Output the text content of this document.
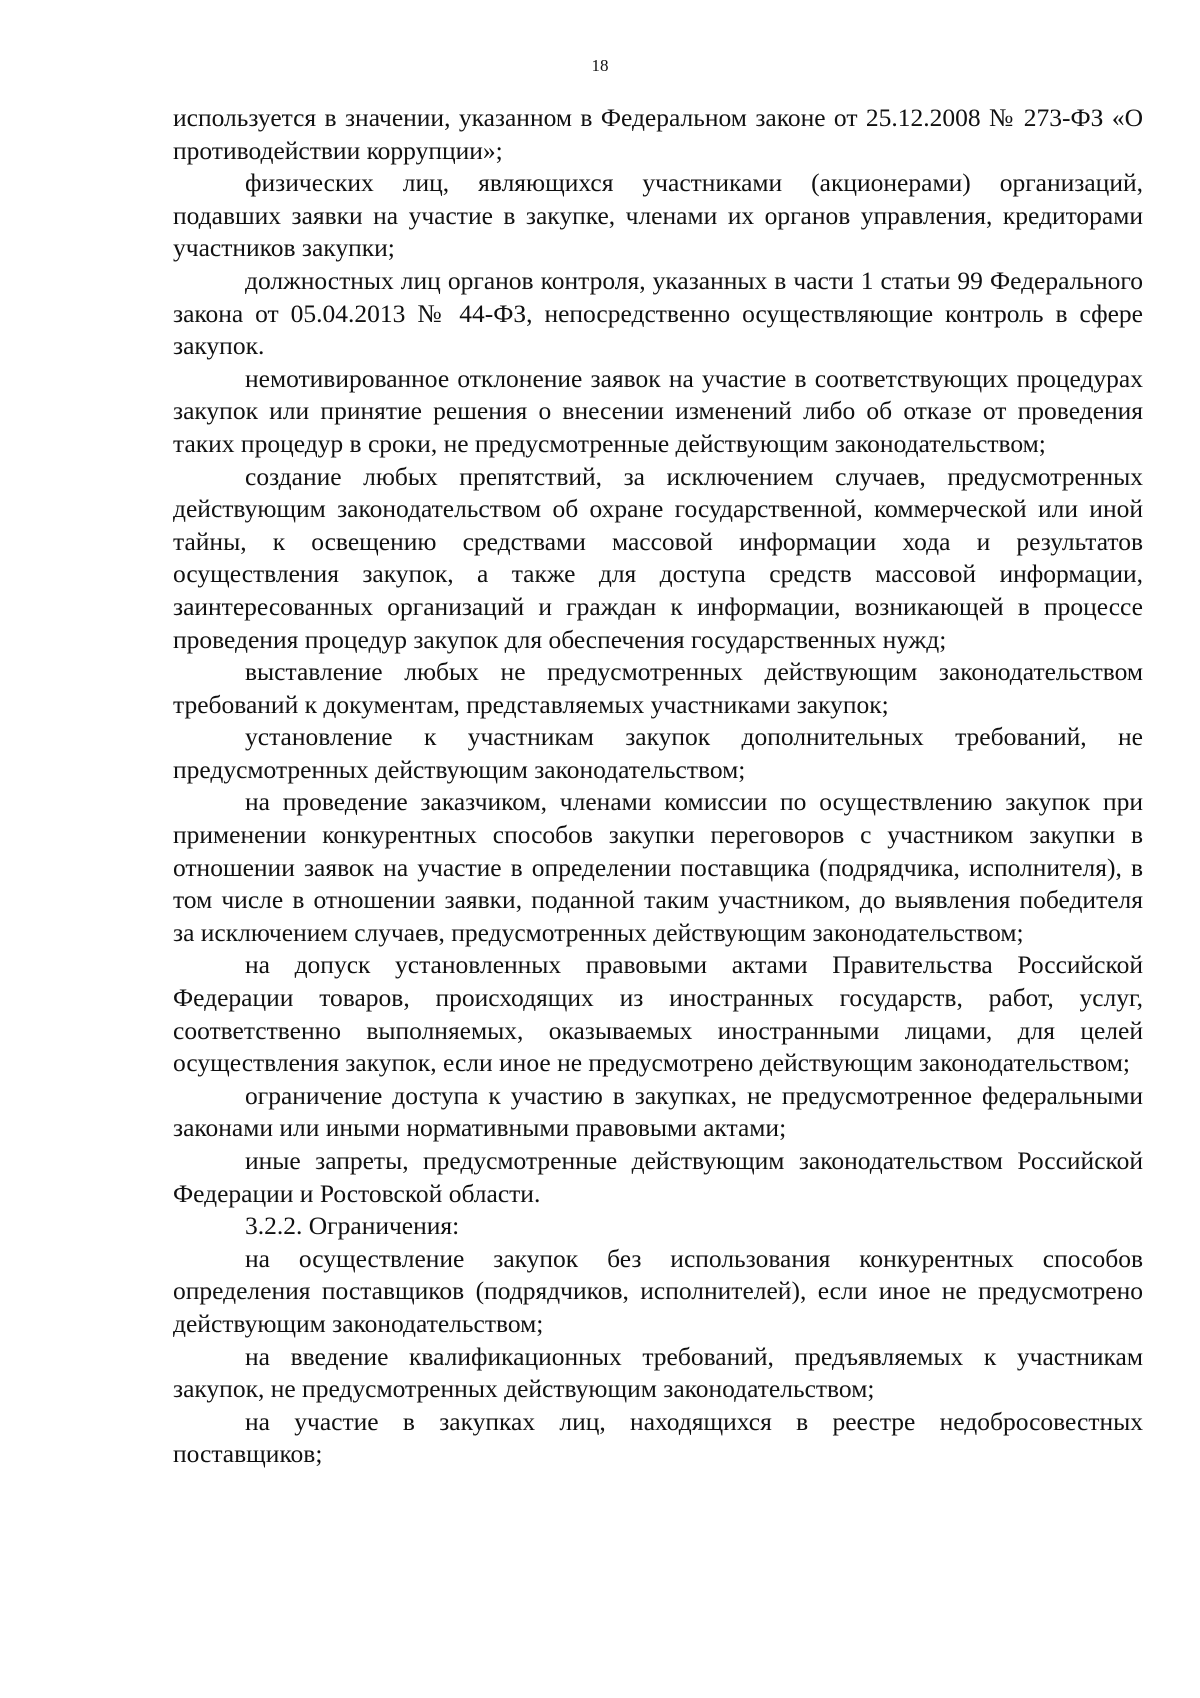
18

используется в значении, указанном в Федеральном законе от 25.12.2008 № 273-ФЗ «О противодействии коррупции»;

физических лиц, являющихся участниками (акционерами) организаций, подавших заявки на участие в закупке, членами их органов управления, кредиторами участников закупки;

должностных лиц органов контроля, указанных в части 1 статьи 99 Федерального закона от 05.04.2013 № 44-ФЗ, непосредственно осуществляющие контроль в сфере закупок.

немотивированное отклонение заявок на участие в соответствующих процедурах закупок или принятие решения о внесении изменений либо об отказе от проведения таких процедур в сроки, не предусмотренные действующим законодательством;

создание любых препятствий, за исключением случаев, предусмотренных действующим законодательством об охране государственной, коммерческой или иной тайны, к освещению средствами массовой информации хода и результатов осуществления закупок, а также для доступа средств массовой информации, заинтересованных организаций и граждан к информации, возникающей в процессе проведения процедур закупок для обеспечения государственных нужд;

выставление любых не предусмотренных действующим законодательством требований к документам, представляемых участниками закупок;

установление к участникам закупок дополнительных требований, не предусмотренных действующим законодательством;

на проведение заказчиком, членами комиссии по осуществлению закупок при применении конкурентных способов закупки переговоров с участником закупки в отношении заявок на участие в определении поставщика (подрядчика, исполнителя), в том числе в отношении заявки, поданной таким участником, до выявления победителя за исключением случаев, предусмотренных действующим законодательством;

на допуск установленных правовыми актами Правительства Российской Федерации товаров, происходящих из иностранных государств, работ, услуг, соответственно выполняемых, оказываемых иностранными лицами, для целей осуществления закупок, если иное не предусмотрено действующим законодательством;

ограничение доступа к участию в закупках, не предусмотренное федеральными законами или иными нормативными правовыми актами;

иные запреты, предусмотренные действующим законодательством Российской Федерации и Ростовской области.

3.2.2. Ограничения:

на осуществление закупок без использования конкурентных способов определения поставщиков (подрядчиков, исполнителей), если иное не предусмотрено действующим законодательством;

на введение квалификационных требований, предъявляемых к участникам закупок, не предусмотренных действующим законодательством;

на участие в закупках лиц, находящихся в реестре недобросовестных поставщиков;
